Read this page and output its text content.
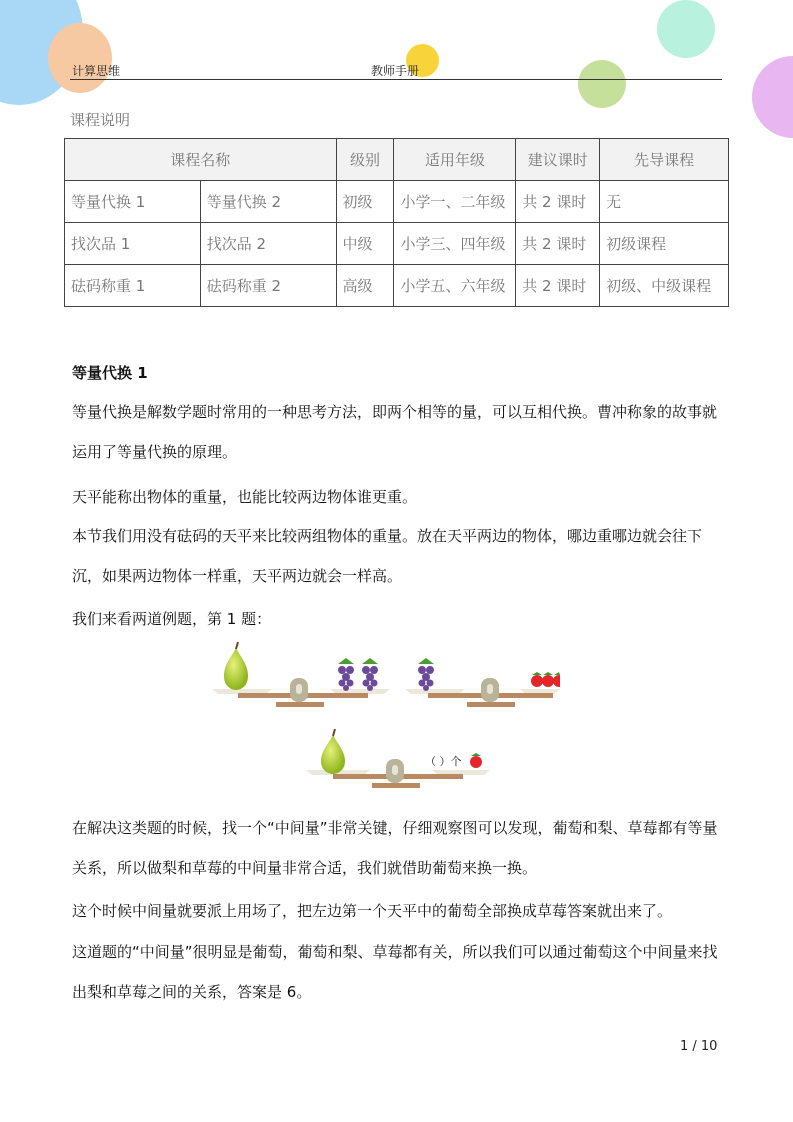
计算思维	教师手册
课程说明
课程名称		级别	适用年级	建议课时	先导课程
等量代换 1	等量代换 2	初级	小学一、二年级	共 2 课时	无
找次品 1	找次品 2	中级	小学三、四年级	共 2 课时	初级课程
砝码称重 1	砝码称重 2	高级	小学五、六年级	共 2 课时	初级、中级课程
等量代换 1
等量代换是解数学题时常用的一种思考方法，即两个相等的量，可以互相代换。曹冲称象的故事就运用了等量代换的原理。
天平能称出物体的重量，也能比较两边物体谁更重。
本节我们用没有砝码的天平来比较两组物体的重量。放在天平两边的物体，哪边重哪边就会往下沉，如果两边物体一样重，天平两边就会一样高。
我们来看两道例题，第 1 题：
（ ）个
在解决这类题的时候，找一个“中间量”非常关键，仔细观察图可以发现，葡萄和梨、草莓都有等量关系，所以做梨和草莓的中间量非常合适，我们就借助葡萄来换一换。
这个时候中间量就要派上用场了，把左边第一个天平中的葡萄全部换成草莓答案就出来了。
这道题的“中间量”很明显是葡萄，葡萄和梨、草莓都有关，所以我们可以通过葡萄这个中间量来找出梨和草莓之间的关系，答案是 6。
1 / 10
